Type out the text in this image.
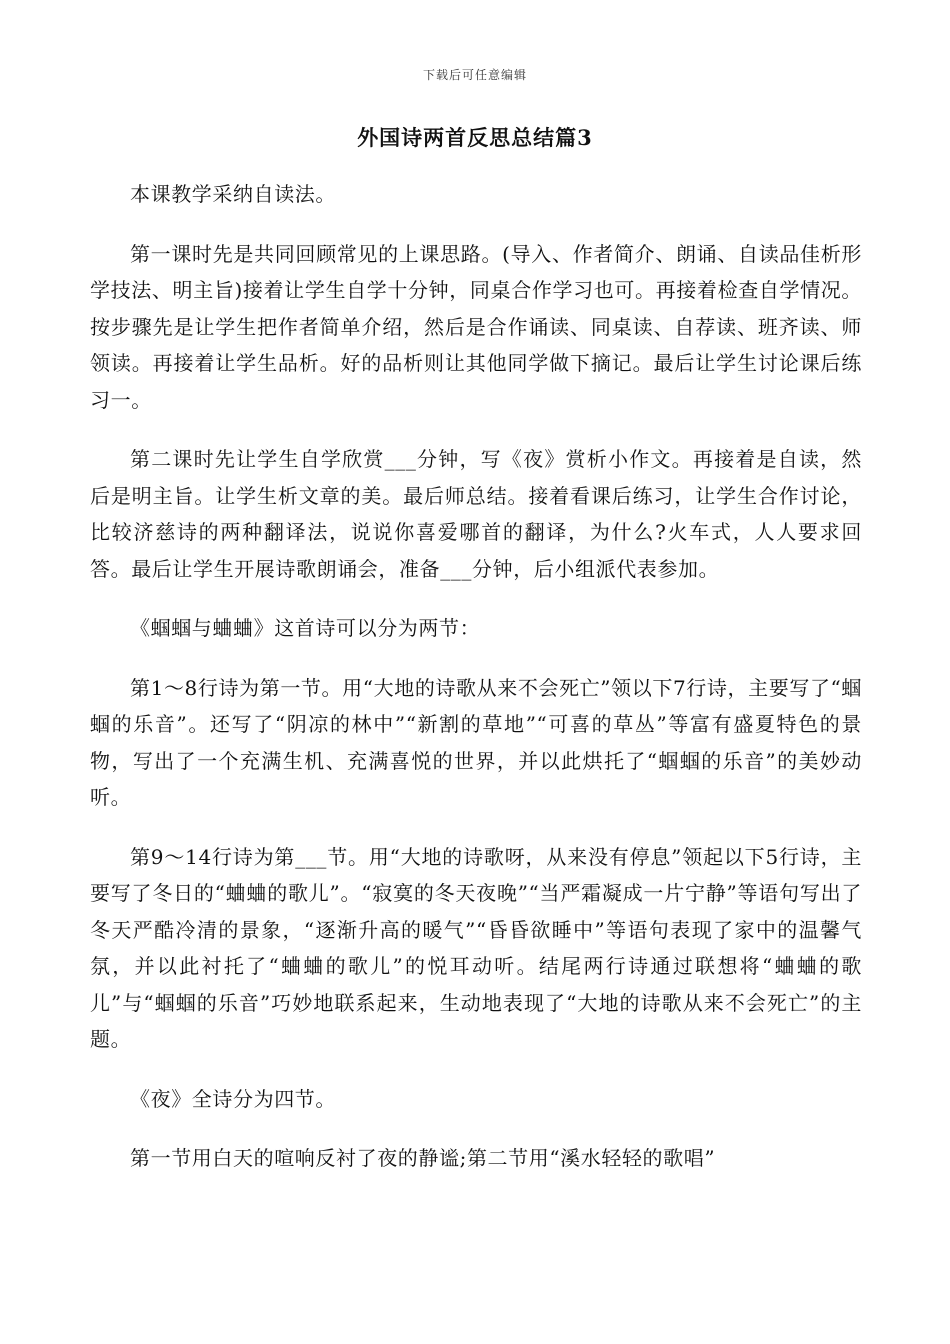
下载后可任意编辑
外国诗两首反思总结篇3

本课教学采纳自读法。

第一课时先是共同回顾常见的上课思路。(导入、作者简介、朗诵、自读品佳析形学技法、明主旨)接着让学生自学十分钟，同桌合作学习也可。再接着检查自学情况。按步骤先是让学生把作者简单介绍，然后是合作诵读、同桌读、自荐读、班齐读、师领读。再接着让学生品析。好的品析则让其他同学做下摘记。最后让学生讨论课后练习一。

第二课时先让学生自学欣赏___分钟，写《夜》赏析小作文。再接着是自读，然后是明主旨。让学生析文章的美。最后师总结。接着看课后练习，让学生合作讨论，比较济慈诗的两种翻译法，说说你喜爱哪首的翻译，为什么?火车式，人人要求回答。最后让学生开展诗歌朗诵会，准备___分钟，后小组派代表参加。

《蝈蝈与蛐蛐》这首诗可以分为两节：

第1～8行诗为第一节。用“大地的诗歌从来不会死亡”领以下7行诗，主要写了“蝈蝈的乐音”。还写了“阴凉的林中”“新割的草地”“可喜的草丛”等富有盛夏特色的景物，写出了一个充满生机、充满喜悦的世界，并以此烘托了“蝈蝈的乐音”的美妙动听。

第9～14行诗为第___节。用“大地的诗歌呀，从来没有停息”领起以下5行诗，主要写了冬日的“蛐蛐的歌儿”。“寂寞的冬天夜晚”“当严霜凝成一片宁静”等语句写出了冬天严酷冷清的景象，“逐渐升高的暖气”“昏昏欲睡中”等语句表现了家中的温馨气氛，并以此衬托了“蛐蛐的歌儿”的悦耳动听。结尾两行诗通过联想将“蛐蛐的歌儿”与“蝈蝈的乐音”巧妙地联系起来，生动地表现了“大地的诗歌从来不会死亡”的主题。

《夜》全诗分为四节。

第一节用白天的喧响反衬了夜的静谧;第二节用“溪水轻轻的歌唱”
